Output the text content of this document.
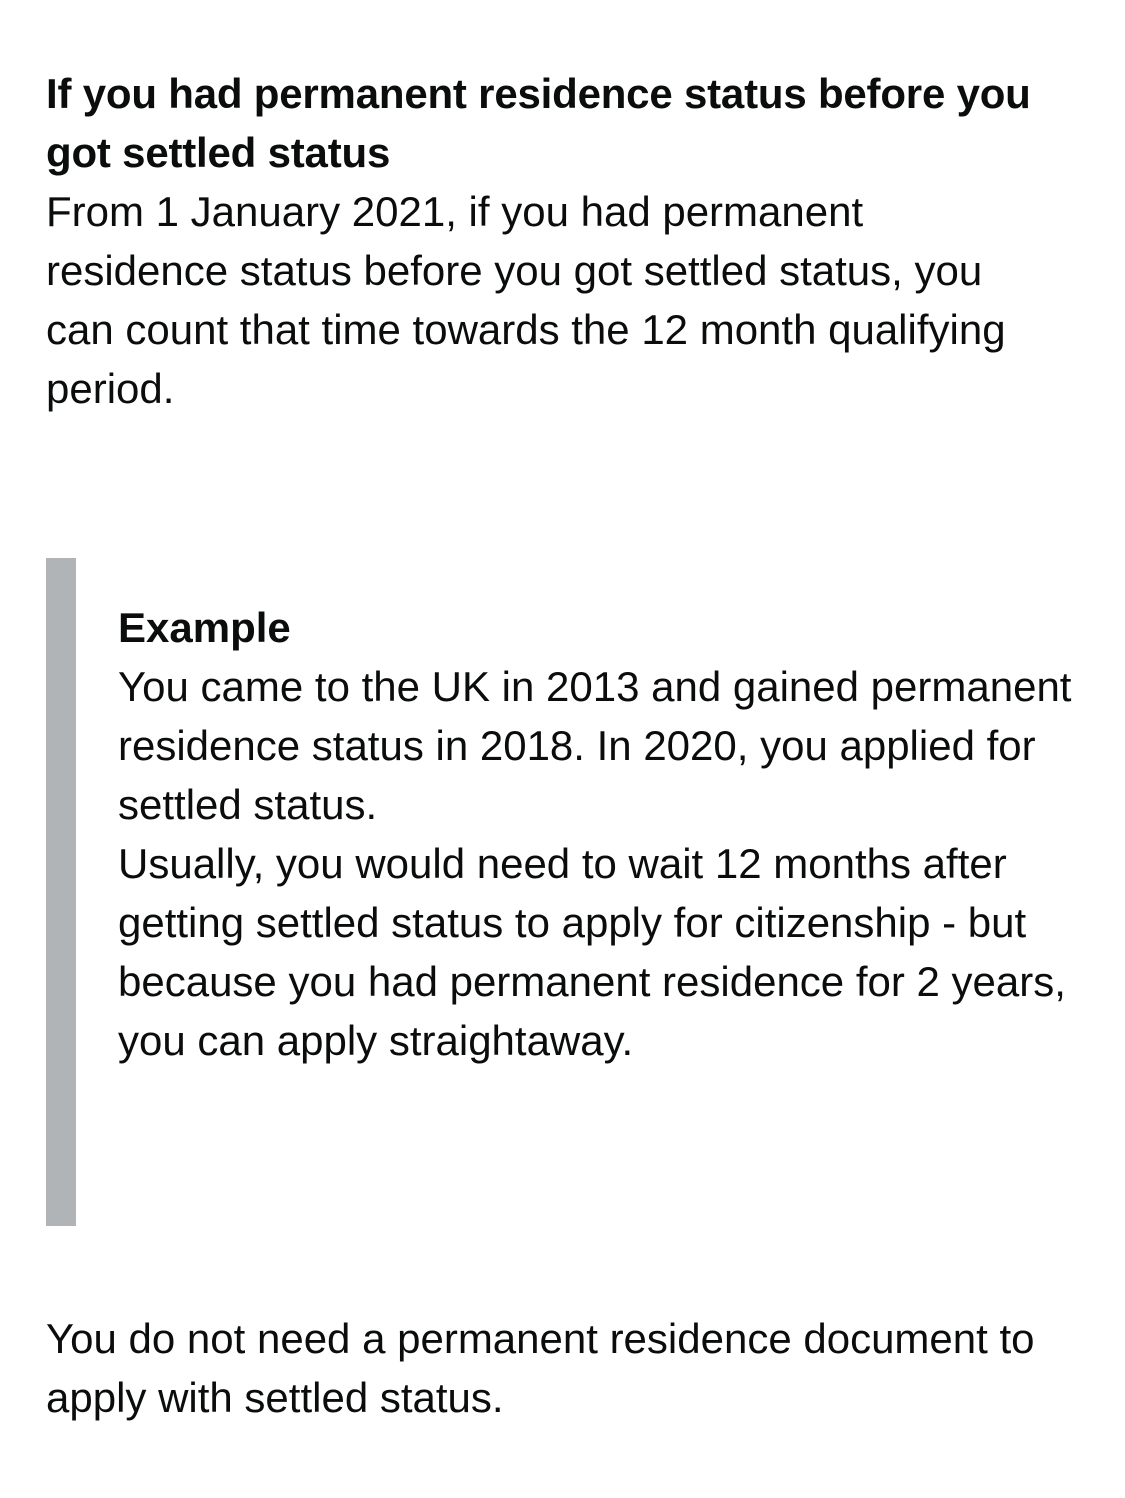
If you had permanent residence status before you got settled status

From 1 January 2021, if you had permanent residence status before you got settled status, you can count that time towards the 12 month qualifying period.

Example

You came to the UK in 2013 and gained permanent residence status in 2018. In 2020, you applied for settled status.

Usually, you would need to wait 12 months after getting settled status to apply for citizenship - but because you had permanent residence for 2 years, you can apply straightaway.

You do not need a permanent residence document to apply with settled status.
